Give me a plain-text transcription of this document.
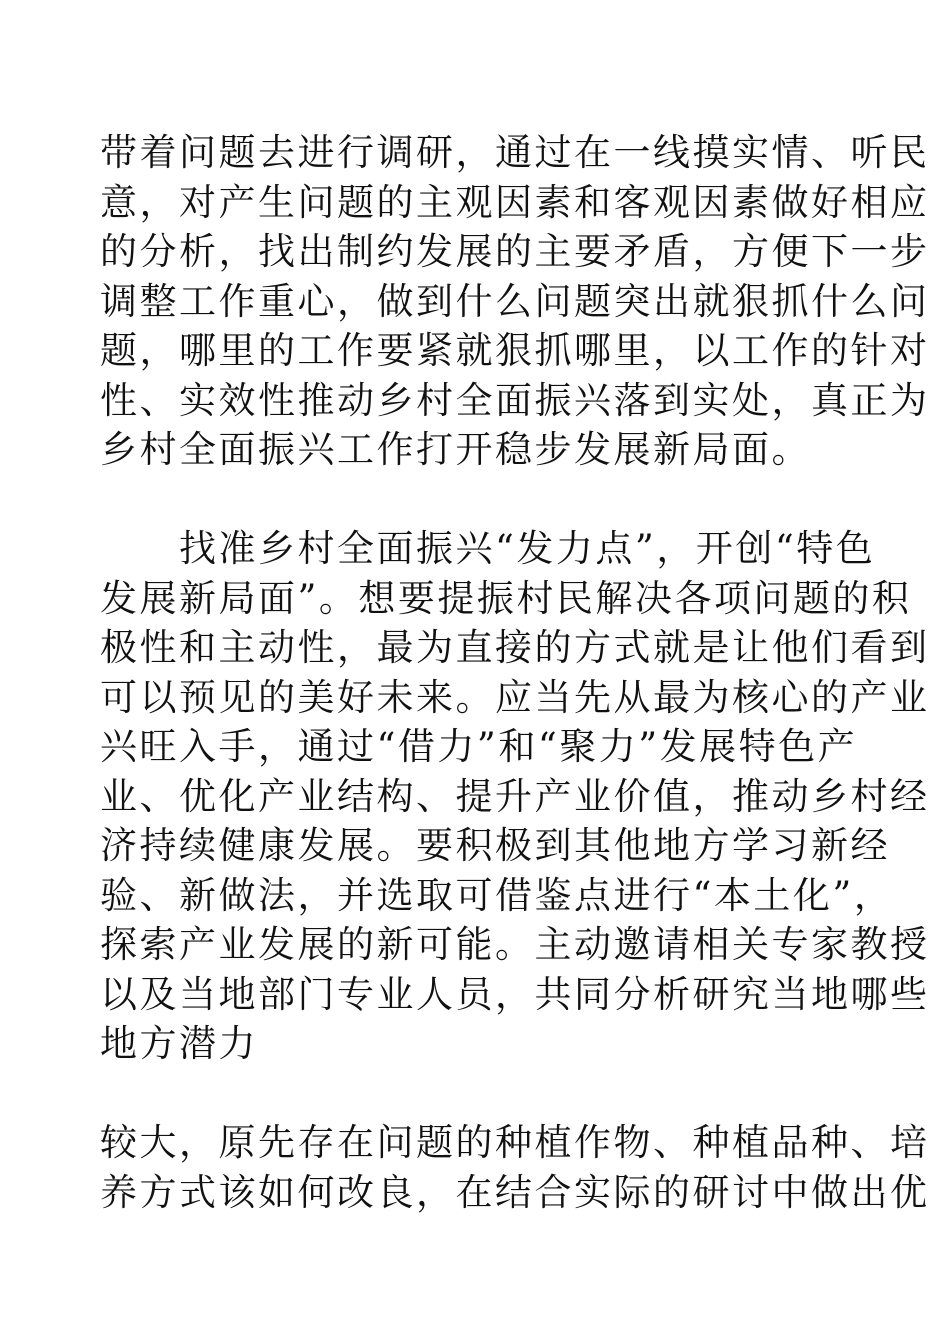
带着问题去进行调研，通过在一线摸实情、听民
意，对产生问题的主观因素和客观因素做好相应
的分析，找出制约发展的主要矛盾，方便下一步
调整工作重心，做到什么问题突出就狠抓什么问
题，哪里的工作要紧就狠抓哪里，以工作的针对
性、实效性推动乡村全面振兴落到实处，真正为
乡村全面振兴工作打开稳步发展新局面。
　　找准乡村全面振兴“发力点”，开创“特色
发展新局面”。想要提振村民解决各项问题的积
极性和主动性，最为直接的方式就是让他们看到
可以预见的美好未来。应当先从最为核心的产业
兴旺入手，通过“借力”和“聚力”发展特色产
业、优化产业结构、提升产业价值，推动乡村经
济持续健康发展。要积极到其他地方学习新经
验、新做法，并选取可借鉴点进行“本土化”，
探索产业发展的新可能。主动邀请相关专家教授
以及当地部门专业人员，共同分析研究当地哪些
地方潜力
较大，原先存在问题的种植作物、种植品种、培
养方式该如何改良，在结合实际的研讨中做出优
